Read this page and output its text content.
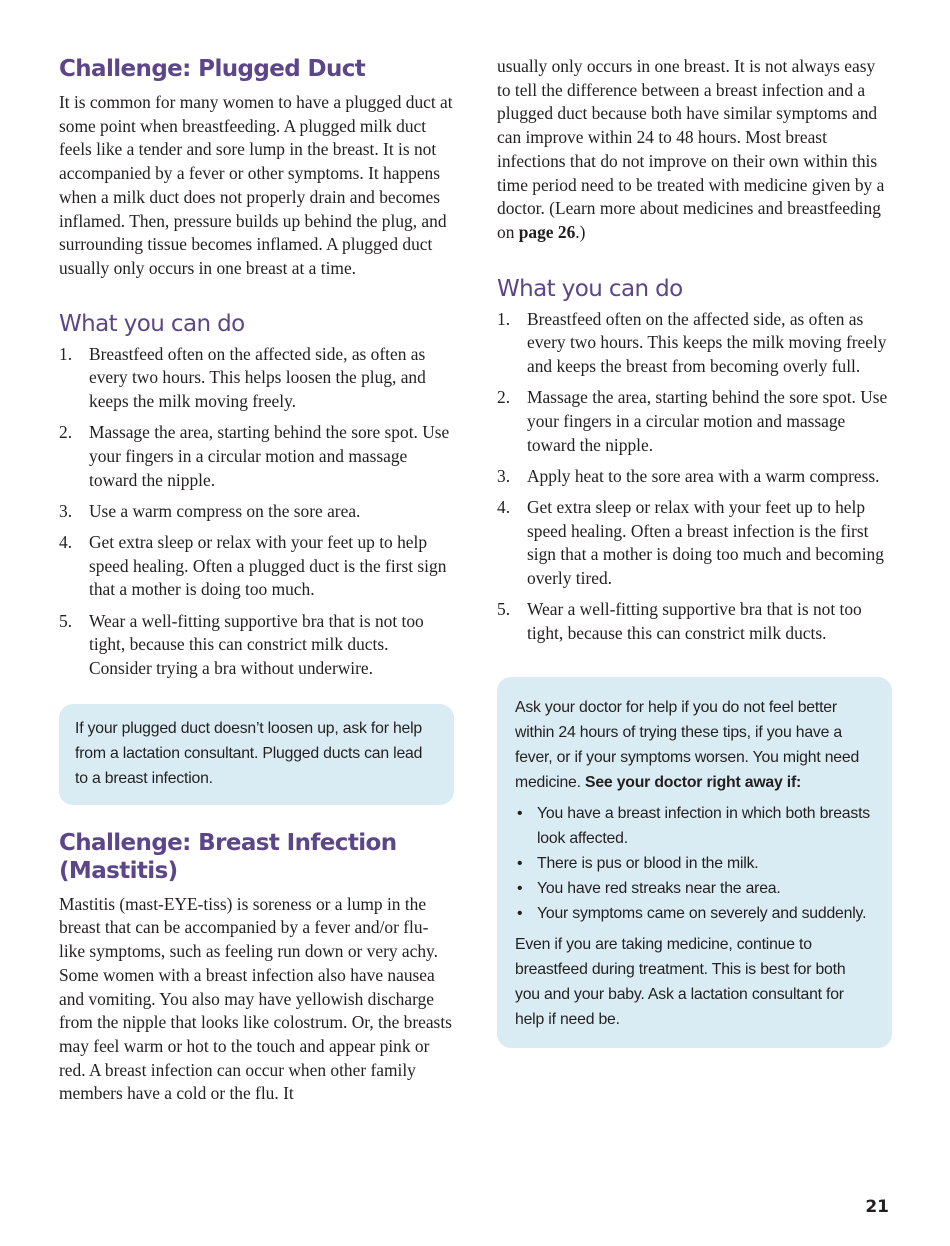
Challenge: Plugged Duct

It is common for many women to have a plugged duct at some point when breastfeeding. A plugged milk duct feels like a tender and sore lump in the breast. It is not accompanied by a fever or other symptoms. It happens when a milk duct does not properly drain and becomes inflamed. Then, pressure builds up behind the plug, and surrounding tissue becomes inflamed. A plugged duct usually only occurs in one breast at a time.

What you can do
1. Breastfeed often on the affected side, as often as every two hours. This helps loosen the plug, and keeps the milk moving freely.
2. Massage the area, starting behind the sore spot. Use your fingers in a circular motion and massage toward the nipple.
3. Use a warm compress on the sore area.
4. Get extra sleep or relax with your feet up to help speed healing. Often a plugged duct is the first sign that a mother is doing too much.
5. Wear a well-fitting supportive bra that is not too tight, because this can constrict milk ducts. Consider trying a bra without underwire.

If your plugged duct doesn’t loosen up, ask for help from a lactation consultant. Plugged ducts can lead to a breast infection.

Challenge: Breast Infection (Mastitis)

Mastitis (mast-EYE-tiss) is soreness or a lump in the breast that can be accompanied by a fever and/or flu-like symptoms, such as feeling run down or very achy. Some women with a breast infection also have nausea and vomiting. You also may have yellowish discharge from the nipple that looks like colostrum. Or, the breasts may feel warm or hot to the touch and appear pink or red. A breast infection can occur when other family members have a cold or the flu. It

usually only occurs in one breast. It is not always easy to tell the difference between a breast infection and a plugged duct because both have similar symptoms and can improve within 24 to 48 hours. Most breast infections that do not improve on their own within this time period need to be treated with medicine given by a doctor. (Learn more about medicines and breastfeeding on page 26.)

What you can do
1. Breastfeed often on the affected side, as often as every two hours. This keeps the milk moving freely and keeps the breast from becoming overly full.
2. Massage the area, starting behind the sore spot. Use your fingers in a circular motion and massage toward the nipple.
3. Apply heat to the sore area with a warm compress.
4. Get extra sleep or relax with your feet up to help speed healing. Often a breast infection is the first sign that a mother is doing too much and becoming overly tired.
5. Wear a well-fitting supportive bra that is not too tight, because this can constrict milk ducts.

Ask your doctor for help if you do not feel better within 24 hours of trying these tips, if you have a fever, or if your symptoms worsen. You might need medicine. See your doctor right away if:

• You have a breast infection in which both breasts look affected.
• There is pus or blood in the milk.
• You have red streaks near the area.
• Your symptoms came on severely and suddenly.

Even if you are taking medicine, continue to breastfeed during treatment. This is best for both you and your baby. Ask a lactation consultant for help if need be.

21
